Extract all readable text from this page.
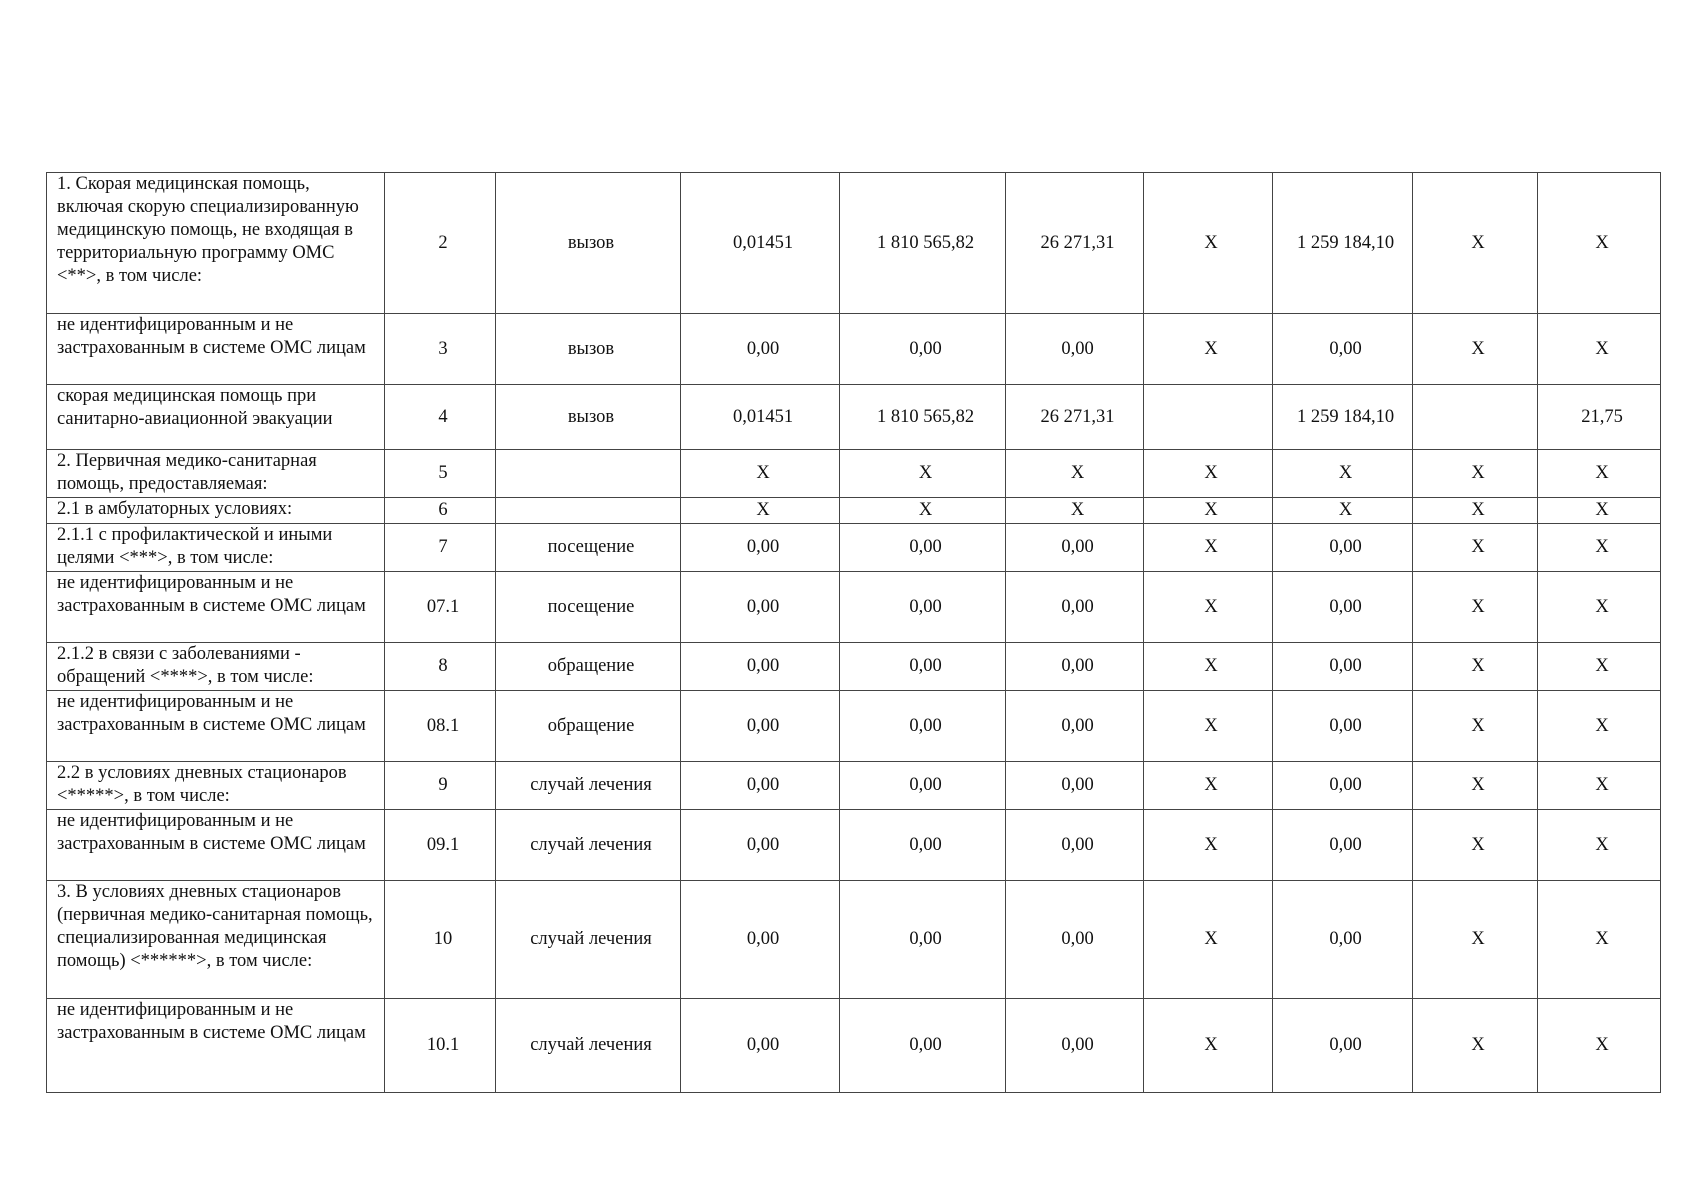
1. Скорая медицинская помощь, включая скорую специализированную медицинскую помощь, не входящая в территориальную программу ОМС <**>, в том числе:	2	вызов	0,01451	1 810 565,82	26 271,31	X	1 259 184,10	X	X
не идентифицированным и не застрахованным в системе ОМС лицам	3	вызов	0,00	0,00	0,00	X	0,00	X	X
скорая медицинская помощь при санитарно-авиационной эвакуации	4	вызов	0,01451	1 810 565,82	26 271,31		1 259 184,10		21,75
2. Первичная медико-санитарная помощь, предоставляемая:	5		X	X	X	X	X	X	X
2.1 в амбулаторных условиях:	6		X	X	X	X	X	X	X
2.1.1 с профилактической и иными целями <***>, в том числе:	7	посещение	0,00	0,00	0,00	X	0,00	X	X
не идентифицированным и не застрахованным в системе ОМС лицам	07.1	посещение	0,00	0,00	0,00	X	0,00	X	X
2.1.2 в связи с заболеваниями - обращений <****>, в том числе:	8	обращение	0,00	0,00	0,00	X	0,00	X	X
не идентифицированным и не застрахованным в системе ОМС лицам	08.1	обращение	0,00	0,00	0,00	X	0,00	X	X
2.2 в условиях дневных стационаров <*****>, в том числе:	9	случай лечения	0,00	0,00	0,00	X	0,00	X	X
не идентифицированным и не застрахованным в системе ОМС лицам	09.1	случай лечения	0,00	0,00	0,00	X	0,00	X	X
3. В условиях дневных стационаров (первичная медико-санитарная помощь, специализированная медицинская помощь) <******>, в том числе:	10	случай лечения	0,00	0,00	0,00	X	0,00	X	X
не идентифицированным и не застрахованным в системе ОМС лицам	10.1	случай лечения	0,00	0,00	0,00	X	0,00	X	X
